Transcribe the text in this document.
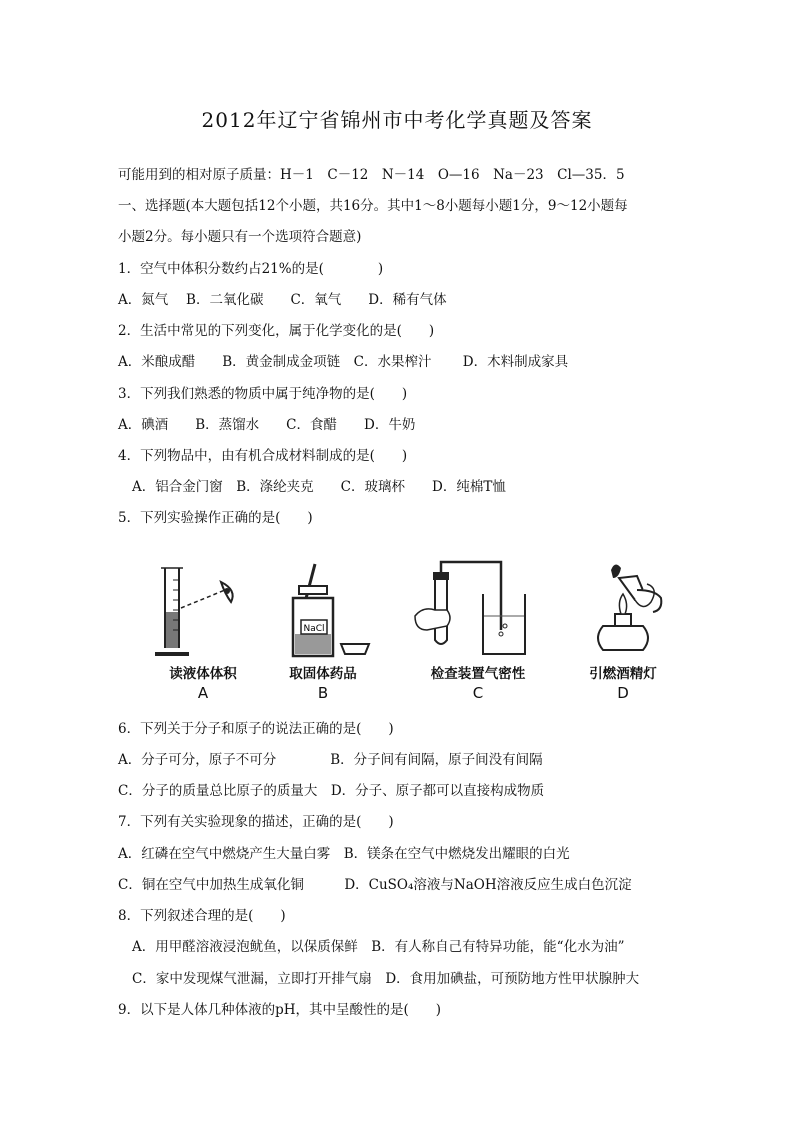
2012年辽宁省锦州市中考化学真题及答案
可能用到的相对原子质量：H－1　C－12　N－14　O—16　Na－23　Cl—35．5
一、选择题(本大题包括12个小题，共16分。其中1～8小题每小题1分，9～12小题每
小题2分。每小题只有一个选项符合题意)
1．空气中体积分数约占21%的是(　　　　)
A．氮气　 B．二氧化碳　　C．氧气　　D．稀有气体
2．生活中常见的下列变化，属于化学变化的是(　　)
A．米酿成醋　　B．黄金制成金项链　C．水果榨汁　　 D．木料制成家具
3．下列我们熟悉的物质中属于纯净物的是(　　)
A．碘酒　　B．蒸馏水　　C．食醋　　D．牛奶
4．下列物品中，由有机合成材料制成的是(　　)
A．铝合金门窗　B．涤纶夹克　　C．玻璃杯　　D．纯棉T恤
5．下列实验操作正确的是(　　)
读液体体积
A
NaCl
取固体药品
B
检查装置气密性
C
引燃酒精灯
D
6．下列关于分子和原子的说法正确的是(　　)
A．分子可分，原子不可分　　　　B．分子间有间隔，原子间没有间隔
C．分子的质量总比原子的质量大　D．分子、原子都可以直接构成物质
7．下列有关实验现象的描述，正确的是(　　)
A．红磷在空气中燃烧产生大量白雾　B．镁条在空气中燃烧发出耀眼的白光
C．铜在空气中加热生成氧化铜　　　D．CuSO₄溶液与NaOH溶液反应生成白色沉淀
8．下列叙述合理的是(　　)
A．用甲醛溶液浸泡鱿鱼，以保质保鲜　B．有人称自己有特异功能，能“化水为油”
C．家中发现煤气泄漏，立即打开排气扇　D．食用加碘盐，可预防地方性甲状腺肿大
9．以下是人体几种体液的pH，其中呈酸性的是(　　)
